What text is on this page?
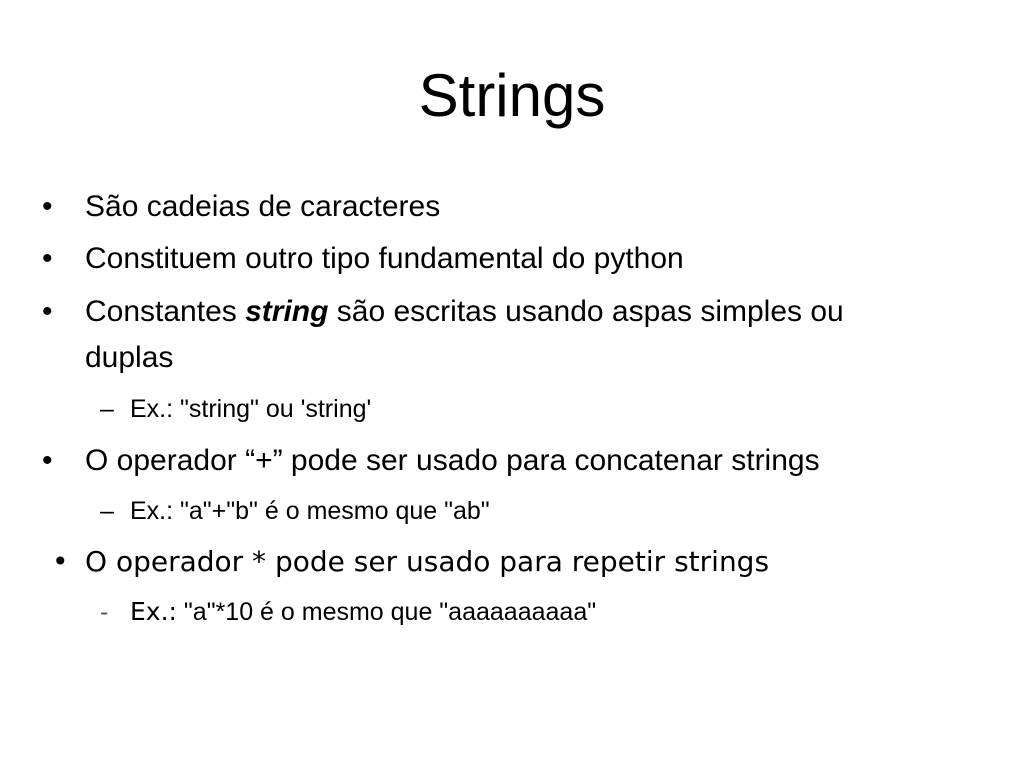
Strings
•	São cadeias de caracteres
•	Constituem outro tipo fundamental do python
•	Constantes string são escritas usando aspas simples ou
duplas
– Ex.: "string" ou 'string'
•	O operador “+” pode ser usado para concatenar strings
– Ex.: "a"+"b" é o mesmo que "ab"
• O operador * pode ser usado para repetir strings
- Ex.: "a"*10 é o mesmo que "aaaaaaaaaa"
